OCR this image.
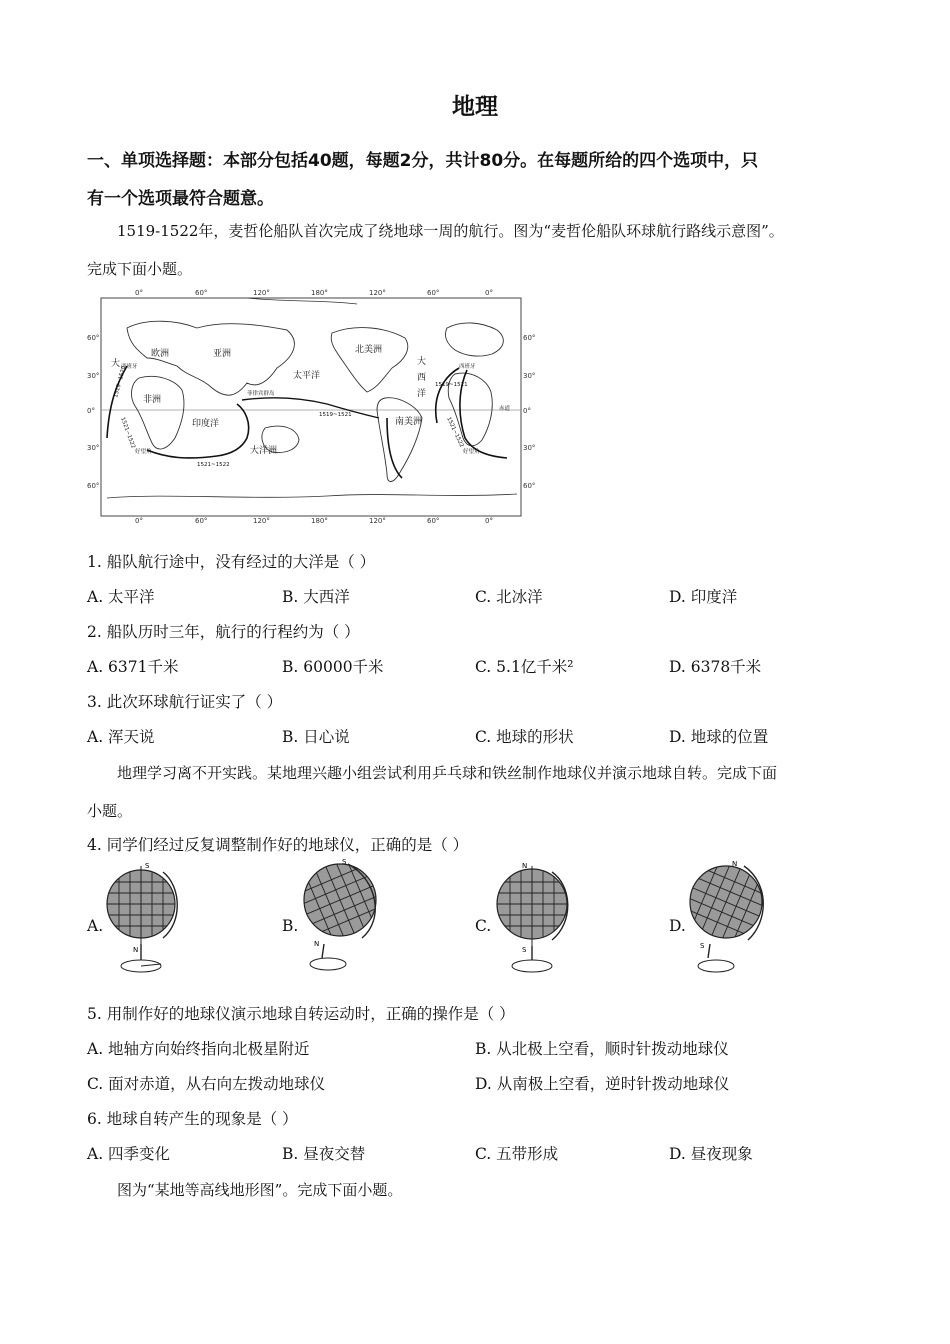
地理
一、单项选择题：本部分包括40题，每题2分，共计80分。在每题所给的四个选项中，只
有一个选项最符合题意。
1519-1522年，麦哲伦船队首次完成了绕地球一周的航行。图为“麦哲伦船队环球航行路线示意图”。
完成下面小题。
0°	60°	120°	180°	120°	60°	0°
0°	60°	120°	180°	120°	60°	0°
60°
30°
0°
30°
60°
60°
30°
0°
30°
60°
欧洲	亚洲	北美洲
非洲
南美洲
大洋洲
太平洋
印度洋
大	大
西
洋
西班牙	西班牙
菲律宾群岛
好望角	好望角
赤道
1519~1521
1521~1522
1519~1521
1519~1520
1521~1522	1521~1522
1. 船队航行途中，没有经过的大洋是（ ）
A. 太平洋	B. 大西洋	C. 北冰洋	D. 印度洋
2. 船队历时三年，航行的行程约为（ ）
A. 6371千米	B. 60000千米	C. 5.1亿千米²	D. 6378千米
3. 此次环球航行证实了（ ）
A. 浑天说	B. 日心说	C. 地球的形状	D. 地球的位置
地理学习离不开实践。某地理兴趣小组尝试利用乒乓球和铁丝制作地球仪并演示地球自转。完成下面
小题。
4. 同学们经过反复调整制作好的地球仪，正确的是（ ）
A.	B.	C.	D.
S
N
S
N
N
S
N
S
5. 用制作好的地球仪演示地球自转运动时，正确的操作是（ ）
A. 地轴方向始终指向北极星附近	B. 从北极上空看，顺时针拨动地球仪
C. 面对赤道，从右向左拨动地球仪	D. 从南极上空看，逆时针拨动地球仪
6. 地球自转产生的现象是（ ）
A. 四季变化	B. 昼夜交替	C. 五带形成	D. 昼夜现象
图为“某地等高线地形图”。完成下面小题。
